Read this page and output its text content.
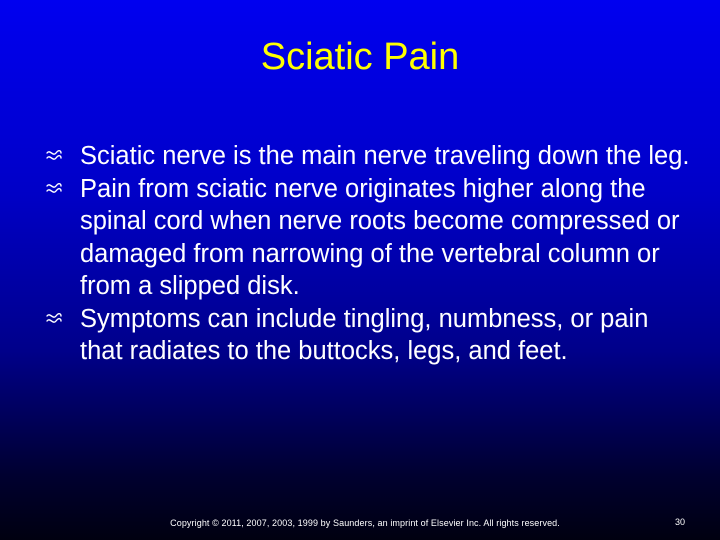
Sciatic Pain
Sciatic nerve is the main nerve traveling down the leg.
Pain from sciatic nerve originates higher along the spinal cord when nerve roots become compressed or damaged from narrowing of the vertebral column or from a slipped disk.
Symptoms can include tingling, numbness, or pain that radiates to the buttocks, legs, and feet.
Copyright © 2011, 2007, 2003, 1999 by Saunders, an imprint of Elsevier Inc. All rights reserved.	30
